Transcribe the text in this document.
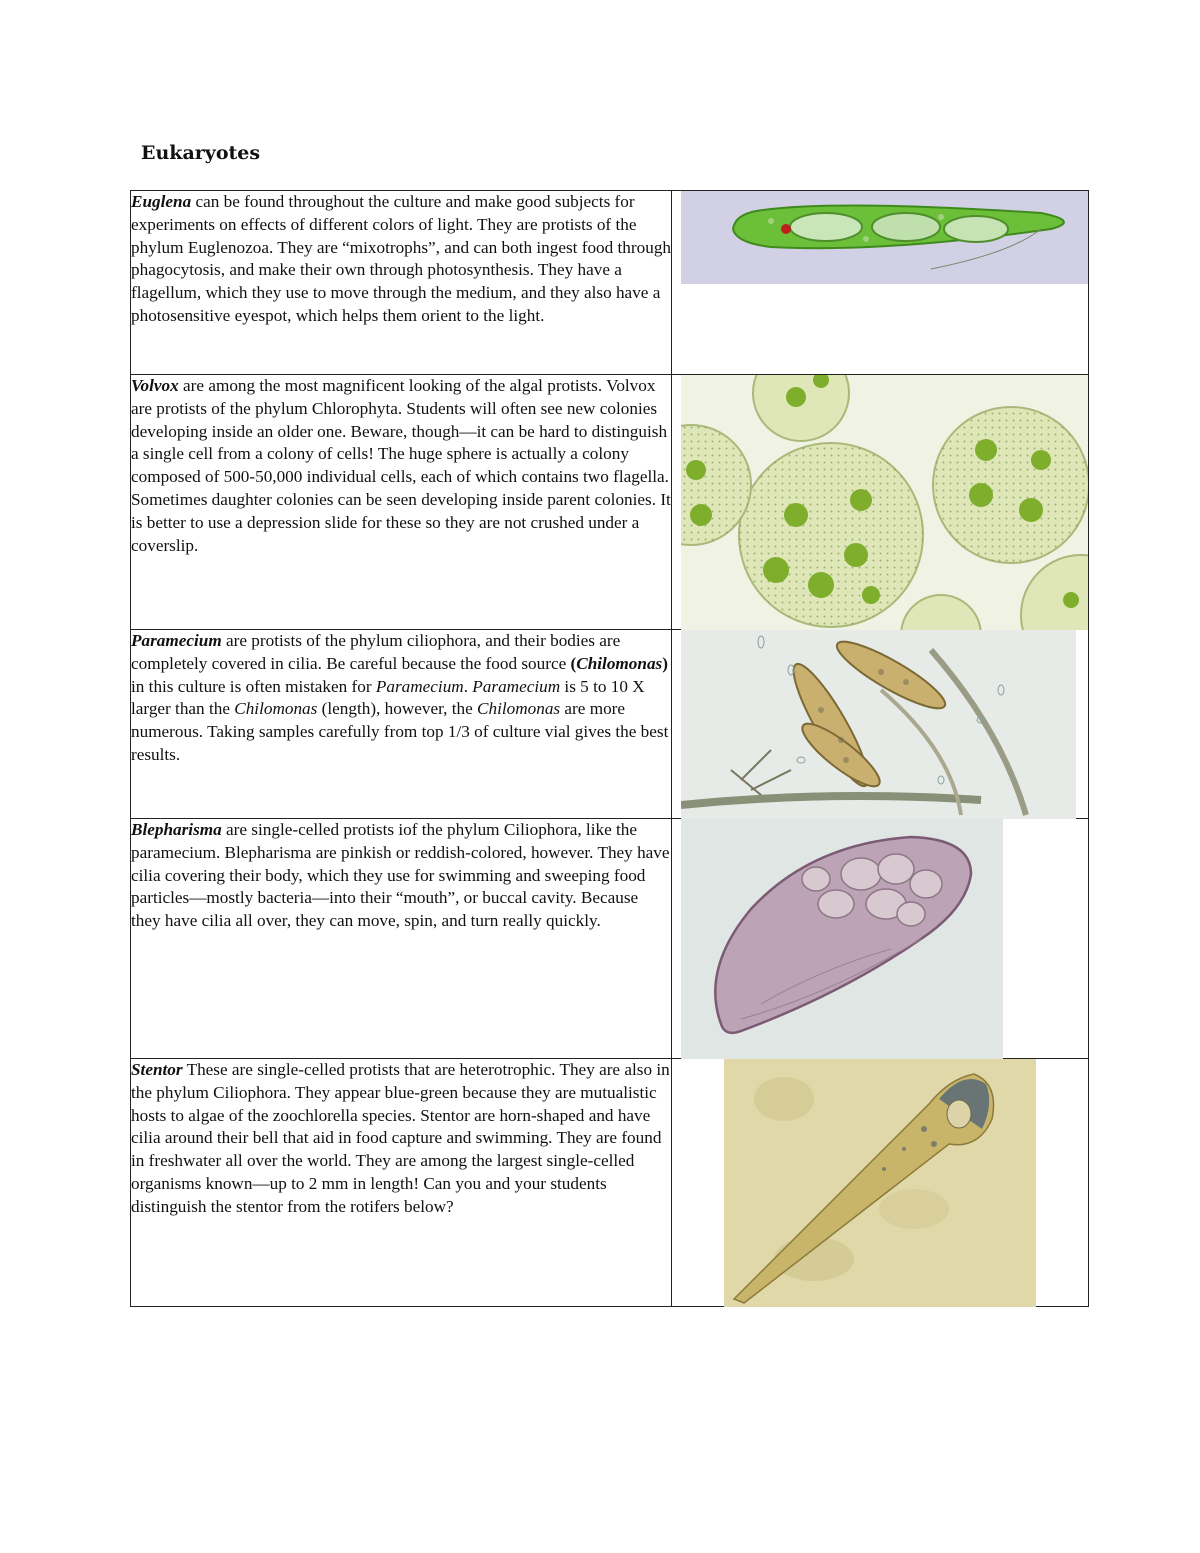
Eukaryotes
Euglena can be found throughout the culture and make good subjects for experiments on effects of different colors of light. They are protists of the phylum Euglenozoa. They are “mixotrophs”, and can both ingest food through phagocytosis, and make their own through photosynthesis. They have a flagellum, which they use to move through the medium, and they also have a photosensitive eyespot, which helps them orient to the light.	

Volvox are among the most magnificent looking of the algal protists. Volvox are protists of the phylum Chlorophyta. Students will often see new colonies developing inside an older one. Beware, though—it can be hard to distinguish a single cell from a colony of cells! The huge sphere is actually a colony composed of 500-50,000 individual cells, each of which contains two flagella. Sometimes daughter colonies can be seen developing inside parent colonies. It is better to use a depression slide for these so they are not crushed under a coverslip.	

Paramecium are protists of the phylum ciliophora, and their bodies are completely covered in cilia. Be careful because the food source (Chilomonas) in this culture is often mistaken for Paramecium. Paramecium is 5 to 10 X larger than the Chilomonas (length), however, the Chilomonas are more numerous. Taking samples carefully from top 1/3 of culture vial gives the best results.	

Blepharisma are single-celled protists iof the phylum Ciliophora, like the paramecium. Blepharisma are pinkish or reddish-colored, however. They have cilia covering their body, which they use for swimming and sweeping food particles—mostly bacteria—into their “mouth”, or buccal cavity. Because they have cilia all over, they can move, spin, and turn really quickly.	

Stentor These are single-celled protists that are heterotrophic. They are also in the phylum Ciliophora. They appear blue-green because they are mutualistic hosts to algae of the zoochlorella species. Stentor are horn-shaped and have cilia around their bell that aid in food capture and swimming. They are found in freshwater all over the world. They are among the largest single-celled organisms known—up to 2 mm in length! Can you and your students distinguish the stentor from the rotifers below?	
